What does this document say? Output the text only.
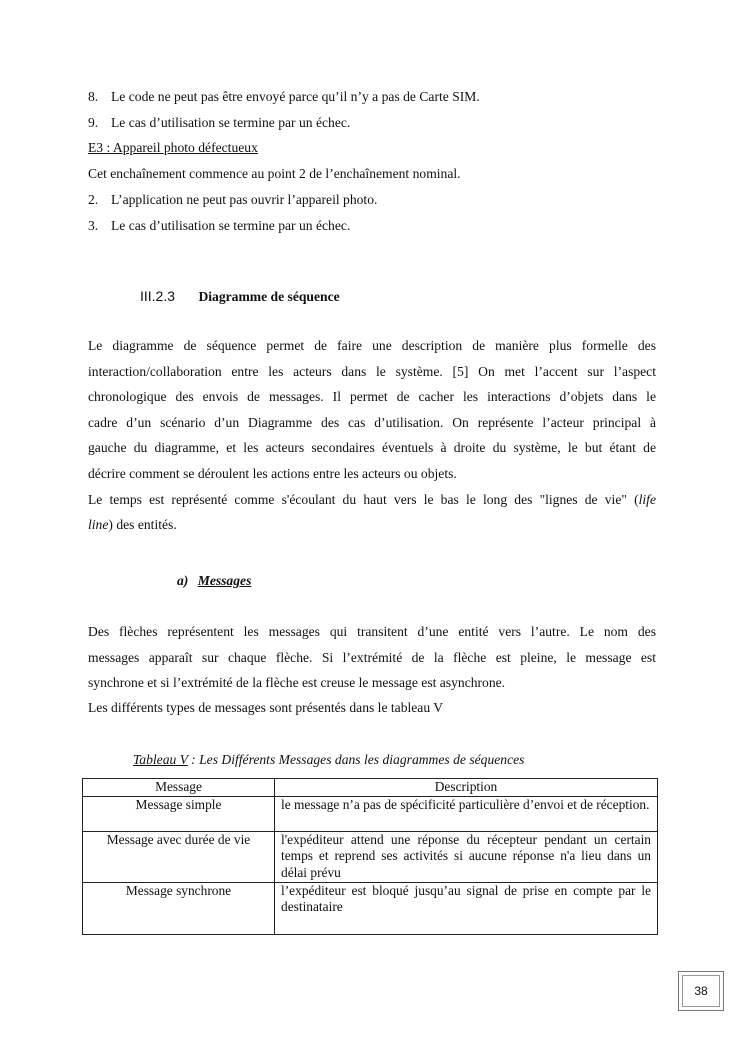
8. Le code ne peut pas être envoyé parce qu’il n’y a pas de Carte SIM.
9. Le cas d’utilisation se termine par un échec.
E3 : Appareil photo défectueux
Cet enchaînement commence au point 2 de l’enchaînement nominal.
2. L’application ne peut pas ouvrir l’appareil photo.
3. Le cas d’utilisation se termine par un échec.
III.2.3 Diagramme de séquence
Le diagramme de séquence permet de faire une description de manière plus formelle des
interaction/collaboration entre les acteurs dans le système. [5] On met l’accent sur l’aspect
chronologique des envois de messages. Il permet de cacher les interactions d’objets dans le
cadre d’un scénario d’un Diagramme des cas d’utilisation. On représente l’acteur principal à
gauche du diagramme, et les acteurs secondaires éventuels à droite du système, le but étant de
décrire comment se déroulent les actions entre les acteurs ou objets.
Le temps est représenté comme s'écoulant du haut vers le bas le long des "lignes de vie" (life
line) des entités.
a) Messages
Des flèches représentent les messages qui transitent d’une entité vers l’autre. Le nom des
messages apparaît sur chaque flèche. Si l’extrémité de la flèche est pleine, le message est
synchrone et si l’extrémité de la flèche est creuse le message est asynchrone.
Les différents types de messages sont présentés dans le tableau V
Tableau V : Les Différents Messages dans les diagrammes de séquences
Message	Description
Message simple	le message n’a pas de spécificité particulière d’envoi et de réception.
Message avec durée de vie	l'expéditeur attend une réponse du récepteur pendant un certain temps et reprend ses activités si aucune réponse n'a lieu dans un délai prévu
Message synchrone	l’expéditeur est bloqué jusqu’au signal de prise en compte par le destinataire
38
